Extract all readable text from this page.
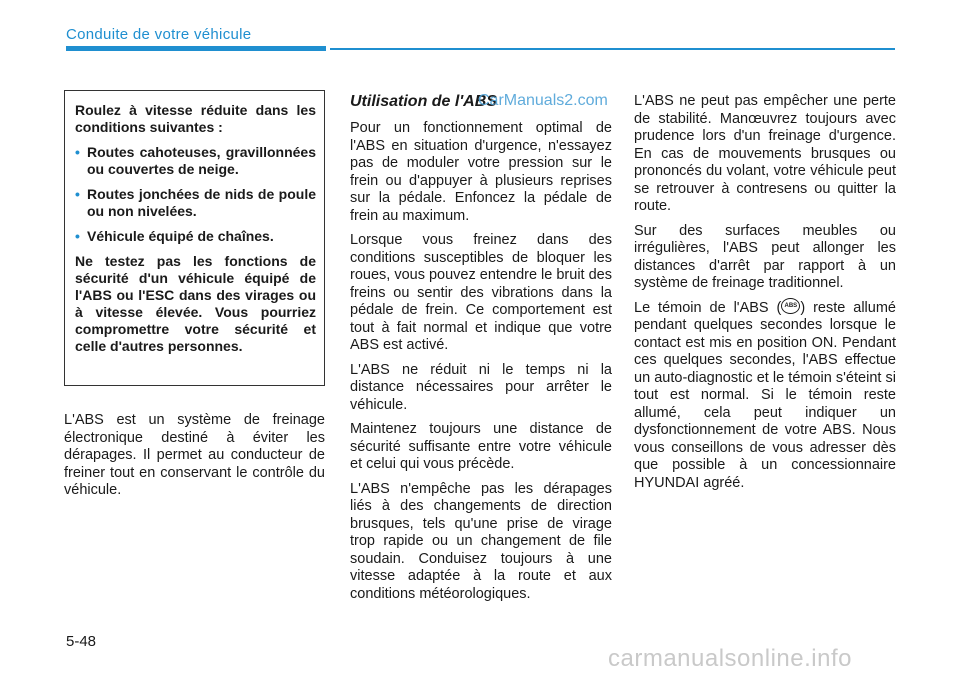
Conduite de votre véhicule

Roulez à vitesse réduite dans les conditions suivantes :

• Routes cahoteuses, gravillonnées ou couvertes de neige.
• Routes jonchées de nids de poule ou non nivelées.
• Véhicule équipé de chaînes.

Ne testez pas les fonctions de sécurité d'un véhicule équipé de l'ABS ou l'ESC dans des virages ou à vitesse élevée. Vous pourriez compromettre votre sécurité et celle d'autres personnes.

L'ABS est un système de freinage électronique destiné à éviter les dérapages. Il permet au conducteur de freiner tout en conservant le contrôle du véhicule.

Utilisation de l'ABS

Pour un fonctionnement optimal de l'ABS en situation d'urgence, n'essayez pas de moduler votre pression sur le frein ou d'appuyer à plusieurs reprises sur la pédale. Enfoncez la pédale de frein au maximum.

Lorsque vous freinez dans des conditions susceptibles de bloquer les roues, vous pouvez entendre le bruit des freins ou sentir des vibrations dans la pédale de frein. Ce comportement est tout à fait normal et indique que votre ABS est activé.

L'ABS ne réduit ni le temps ni la distance nécessaires pour arrêter le véhicule.

Maintenez toujours une distance de sécurité suffisante entre votre véhicule et celui qui vous précède.

L'ABS n'empêche pas les dérapages liés à des changements de direction brusques, tels qu'une prise de virage trop rapide ou un changement de file soudain. Conduisez toujours à une vitesse adaptée à la route et aux conditions météorologiques.

L'ABS ne peut pas empêcher une perte de stabilité. Manœuvrez toujours avec prudence lors d'un freinage d'urgence. En cas de mouvements brusques ou prononcés du volant, votre véhicule peut se retrouver à contresens ou quitter la route.

Sur des surfaces meubles ou irrégulières, l'ABS peut allonger les distances d'arrêt par rapport à un système de freinage traditionnel.

Le témoin de l'ABS ( ABS ) reste allumé pendant quelques secondes lorsque le contact est mis en position ON. Pendant ces quelques secondes, l'ABS effectue un auto-diagnostic et le témoin s'éteint si tout est normal. Si le témoin reste allumé, cela peut indiquer un dysfonctionnement de votre ABS. Nous vous conseillons de vous adresser dès que possible à un concessionnaire HYUNDAI agréé.

CarManuals2.com
5-48
carmanualsonline.info
